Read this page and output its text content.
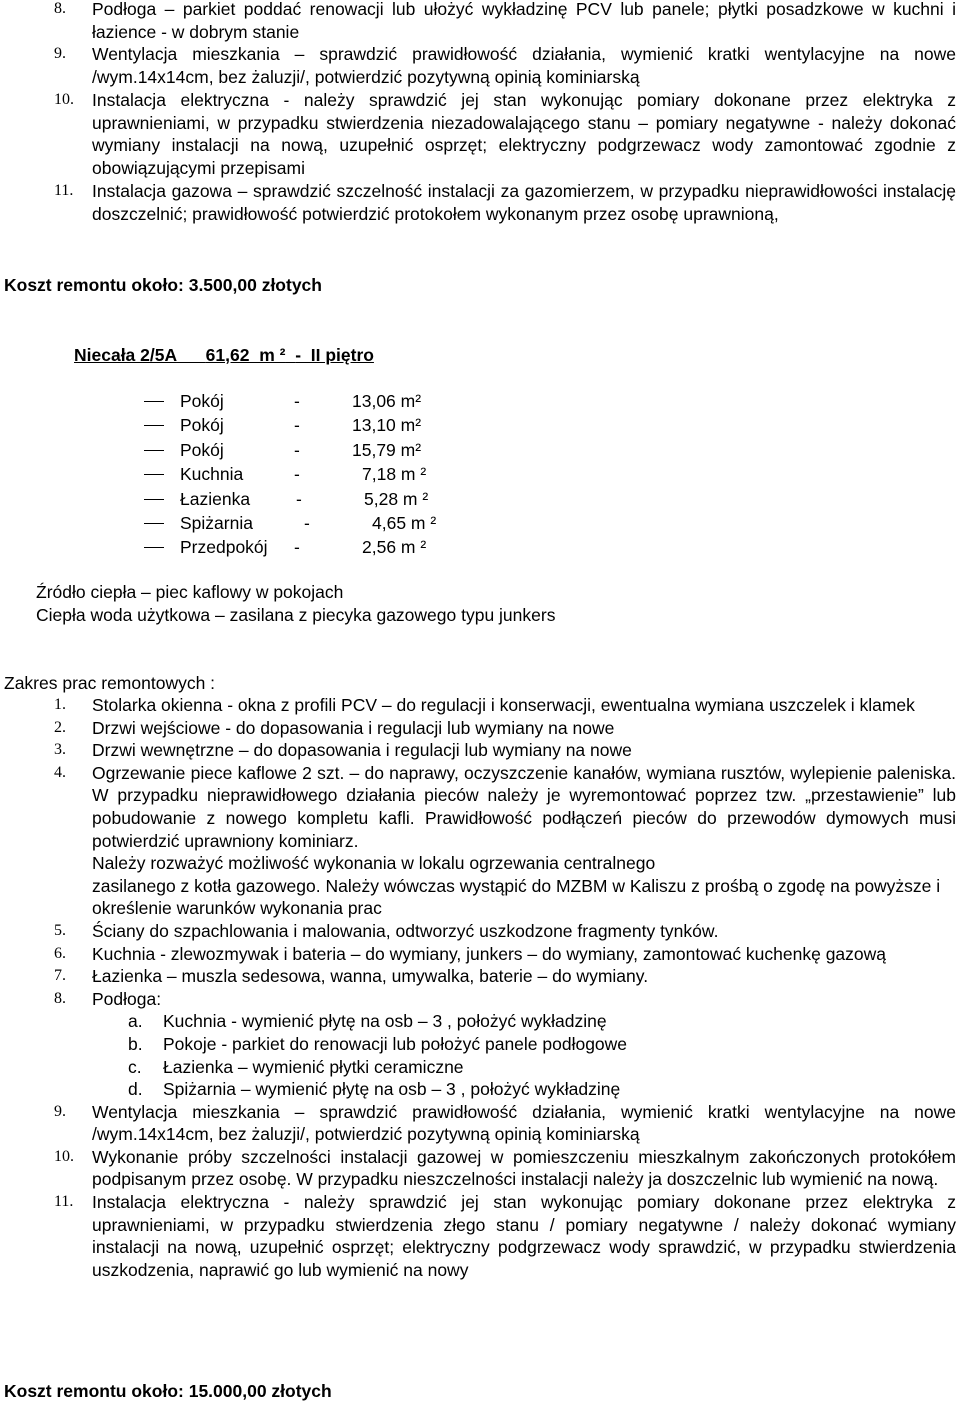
8. Podłoga – parkiet poddać renowacji lub ułożyć wykładzinę PCV lub panele; płytki posadzkowe w kuchni i łazience - w dobrym stanie
9. Wentylacja mieszkania – sprawdzić prawidłowość działania, wymienić kratki wentylacyjne na nowe /wym.14x14cm, bez żaluzji/, potwierdzić pozytywną opinią kominiarską
10. Instalacja elektryczna - należy sprawdzić jej stan wykonując pomiary dokonane przez elektryka z uprawnieniami, w przypadku stwierdzenia niezadowalającego stanu – pomiary negatywne - należy dokonać wymiany instalacji na nową, uzupełnić osprzęt; elektryczny podgrzewacz wody zamontować zgodnie z obowiązującymi przepisami
11. Instalacja gazowa – sprawdzić szczelność instalacji za gazomierzem, w przypadku nieprawidłowości instalację doszczelnić; prawidłowość potwierdzić protokołem wykonanym przez osobę uprawnioną,
Koszt remontu około: 3.500,00 złotych
Niecała 2/5A 61,62  m ² -  II piętro
Pokój	-	13,06 m²
Pokój	-	13,10 m²
Pokój	-	15,79 m²
Kuchnia	-	7,18 m ²
Łazienka	-	5,28 m ²
Spiżarnia	-	4,65 m ²
Przedpokój -	2,56 m ²
Źródło ciepła – piec kaflowy w pokojach
Ciepła woda użytkowa – zasilana z piecyka gazowego typu junkers
Zakres prac remontowych :
1. Stolarka okienna - okna z profili PCV – do regulacji i konserwacji, ewentualna wymiana uszczelek i klamek
2. Drzwi wejściowe - do dopasowania i regulacji lub wymiany na nowe
3. Drzwi wewnętrzne – do dopasowania i regulacji lub wymiany na nowe
4. Ogrzewanie piece kaflowe 2 szt. – do naprawy, oczyszczenie kanałów, wymiana rusztów, wylepienie paleniska. W przypadku nieprawidłowego działania pieców należy je wyremontować poprzez tzw. „przestawienie” lub pobudowanie z nowego kompletu kafli. Prawidłowość podłączeń pieców do przewodów dymowych musi potwierdzić uprawniony kominiarz.
Należy rozważyć możliwość wykonania w lokalu ogrzewania centralnego
zasilanego z kotła gazowego. Należy wówczas wystąpić do MZBM w Kaliszu z prośbą o zgodę na powyższe i określenie warunków wykonania prac
5. Ściany do szpachlowania i malowania, odtworzyć uszkodzone fragmenty tynków.
6. Kuchnia - zlewozmywak i bateria – do wymiany, junkers – do wymiany, zamontować kuchenkę gazową
7. Łazienka – muszla sedesowa, wanna, umywalka, baterie – do wymiany.
8. Podłoga:
a. Kuchnia - wymienić płytę na osb – 3 , położyć wykładzinę
b. Pokoje - parkiet do renowacji lub położyć panele podłogowe
c. Łazienka – wymienić płytki ceramiczne
d. Spiżarnia – wymienić płytę na osb – 3 , położyć wykładzinę
9. Wentylacja mieszkania – sprawdzić prawidłowość działania, wymienić kratki wentylacyjne na nowe /wym.14x14cm, bez żaluzji/, potwierdzić pozytywną opinią kominiarską
10. Wykonanie próby szczelności instalacji gazowej w pomieszczeniu mieszkalnym zakończonych protokółem podpisanym przez osobę. W przypadku nieszczelności instalacji należy ja doszczelnic lub wymienić na nową.
11. Instalacja elektryczna - należy sprawdzić jej stan wykonując pomiary dokonane przez elektryka z uprawnieniami, w przypadku stwierdzenia złego stanu / pomiary negatywne / należy dokonać wymiany instalacji na nową, uzupełnić osprzęt; elektryczny podgrzewacz wody sprawdzić, w przypadku stwierdzenia uszkodzenia, naprawić go lub wymienić na nowy
Koszt remontu około: 15.000,00 złotych
